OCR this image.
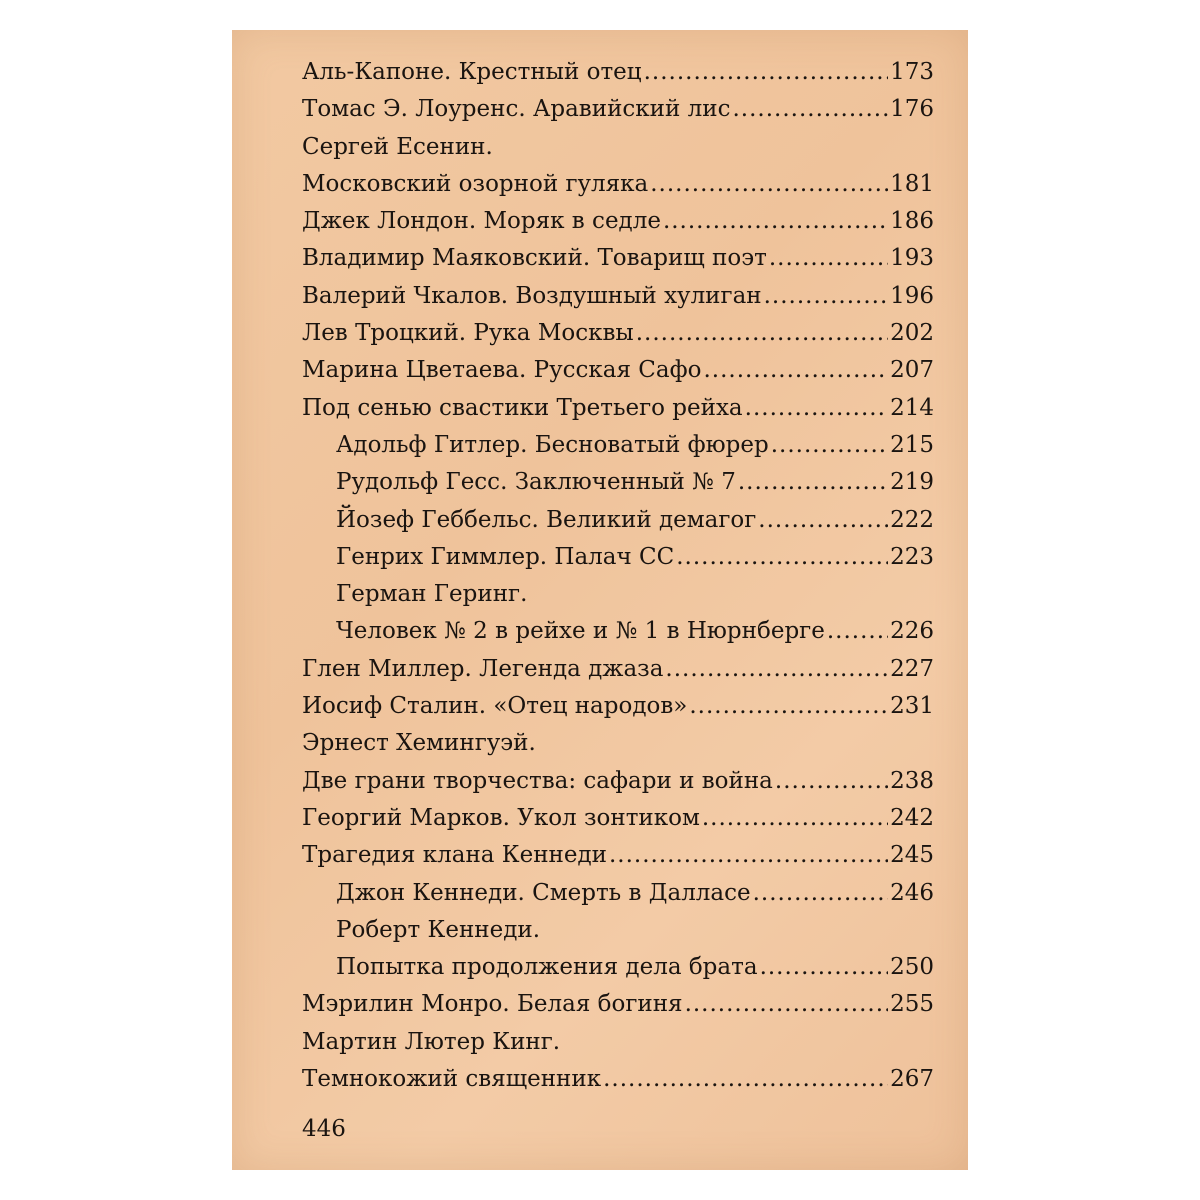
Аль-Капоне. Крестный отец .....	173
Томас Э. Лоуренс. Аравийский лис .....	176
Сергей Есенин.
Московский озорной гуляка .....	181
Джек Лондон. Моряк в седле .....	186
Владимир Маяковский. Товарищ поэт .....	193
Валерий Чкалов. Воздушный хулиган .....	196
Лев Троцкий. Рука Москвы .....	202
Марина Цветаева. Русская Сафо .....	207
Под сенью свастики Третьего рейха .....	214
Адольф Гитлер. Бесноватый фюрер .....	215
Рудольф Гесс. Заключенный № 7 .....	219
Йозеф Геббельс. Великий демагог .....	222
Генрих Гиммлер. Палач СС .....	223
Герман Геринг.
Человек № 2 в рейхе и № 1 в Нюрнберге .....	226
Глен Миллер. Легенда джаза .....	227
Иосиф Сталин. «Отец народов» .....	231
Эрнест Хемингуэй.
Две грани творчества: сафари и война .....	238
Георгий Марков. Укол зонтиком .....	242
Трагедия клана Кеннеди .....	245
Джон Кеннеди. Смерть в Далласе .....	246
Роберт Кеннеди.
Попытка продолжения дела брата .....	250
Мэрилин Монро. Белая богиня .....	255
Мартин Лютер Кинг.
Темнокожий священник .....	267
446
